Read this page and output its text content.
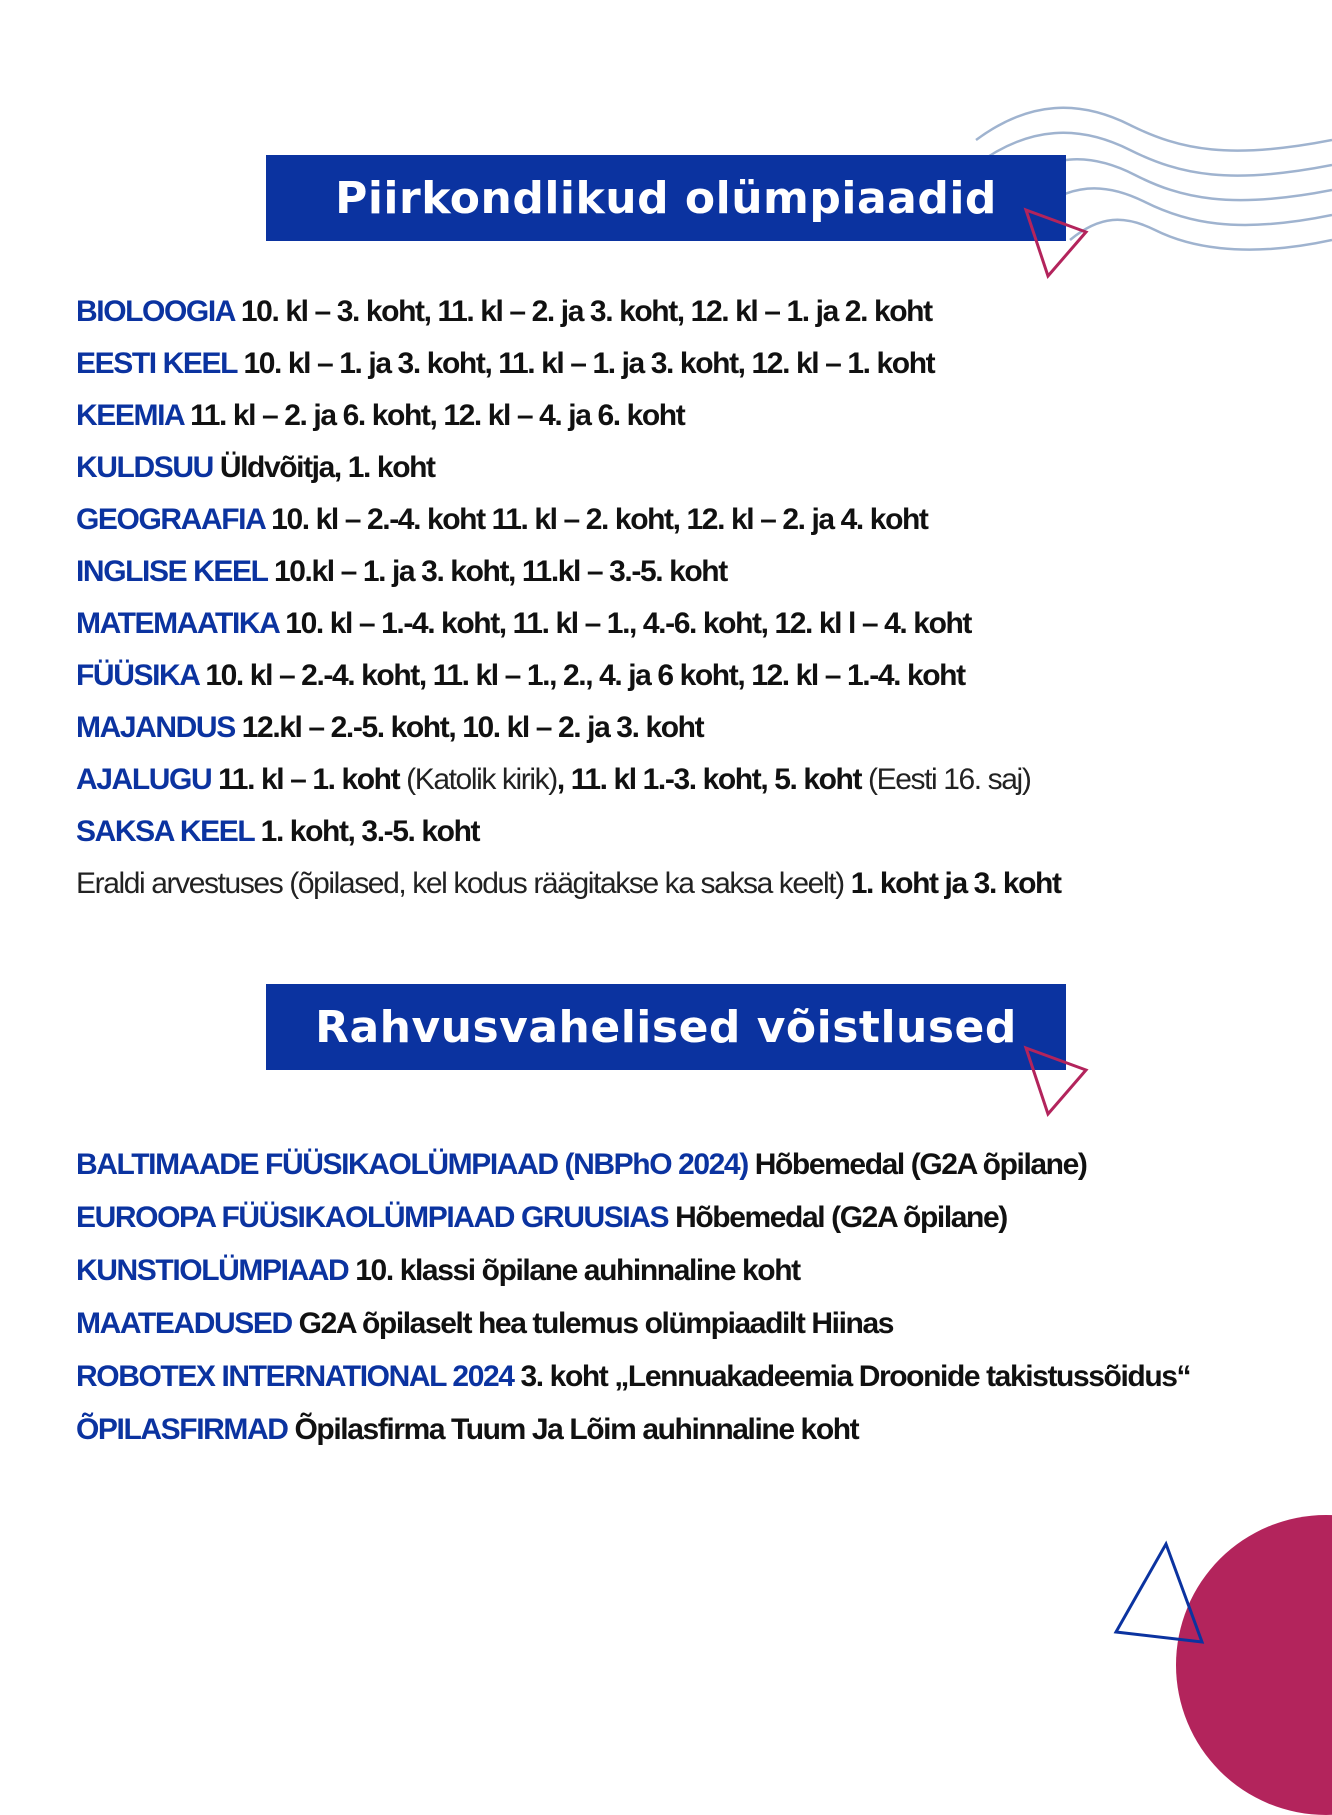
Piirkondlikud olümpiaadid
BIOLOOGIA 10. kl – 3. koht, 11. kl – 2. ja 3. koht, 12. kl – 1. ja 2. koht
EESTI KEEL 10. kl – 1. ja 3. koht, 11. kl – 1. ja 3. koht, 12. kl – 1. koht
KEEMIA 11. kl – 2. ja 6. koht, 12. kl – 4. ja 6. koht
KULDSUU Üldvõitja, 1. koht
GEOGRAAFIA 10. kl – 2.-4. koht 11. kl – 2. koht, 12. kl – 2. ja 4. koht
INGLISE KEEL 10.kl – 1. ja 3. koht, 11.kl – 3.-5. koht
MATEMAATIKA 10. kl – 1.-4. koht, 11. kl – 1., 4.-6. koht, 12. kl l – 4. koht
FÜÜSIKA 10. kl – 2.-4. koht, 11. kl – 1., 2., 4. ja 6 koht, 12. kl – 1.-4. koht
MAJANDUS 12.kl – 2.-5. koht, 10. kl – 2. ja 3. koht
AJALUGU 11. kl – 1. koht (Katolik kirik), 11. kl 1.-3. koht, 5. koht (Eesti 16. saj)
SAKSA KEEL 1. koht, 3.-5. koht
Eraldi arvestuses (õpilased, kel kodus räägitakse ka saksa keelt) 1. koht ja 3. koht
Rahvusvahelised võistlused
BALTIMAADE FÜÜSIKAOLÜMPIAAD (NBPhO 2024) Hõbemedal (G2A õpilane)
EUROOPA FÜÜSIKAOLÜMPIAAD GRUUSIAS Hõbemedal (G2A õpilane)
KUNSTIOLÜMPIAAD 10. klassi õpilane auhinnaline koht
MAATEADUSED G2A õpilaselt hea tulemus olümpiaadilt Hiinas
ROBOTEX INTERNATIONAL 2024 3. koht „Lennuakadeemia Droonide takistussõidus“
ÕPILASFIRMAD Õpilasfirma Tuum Ja Lõim auhinnaline koht
